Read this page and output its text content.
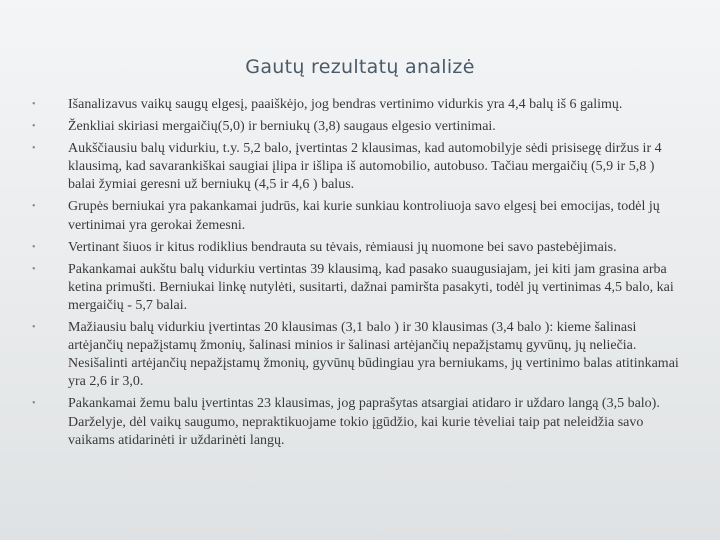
Gautų rezultatų analizė
• Išanalizavus vaikų saugų elgesį, paaiškėjo, jog bendras vertinimo vidurkis yra 4,4 balų iš 6 galimų.
• Ženkliai skiriasi mergaičių(5,0) ir berniukų (3,8) saugaus elgesio vertinimai.
• Aukščiausiu balų vidurkiu, t.y. 5,2 balo, įvertintas 2 klausimas, kad automobilyje sėdi prisisegę diržus ir 4 klausimą, kad savarankiškai saugiai įlipa ir išlipa iš automobilio, autobuso. Tačiau mergaičių (5,9 ir 5,8 ) balai žymiai geresni už berniukų (4,5 ir 4,6 ) balus.
• Grupės berniukai yra pakankamai judrūs, kai kurie sunkiau kontroliuoja savo elgesį bei emocijas, todėl jų vertinimai yra gerokai žemesni.
• Vertinant šiuos ir kitus rodiklius bendrauta su tėvais, rėmiausi jų nuomone bei savo pastebėjimais.
• Pakankamai aukštu balų vidurkiu vertintas 39 klausimą, kad pasako suaugusiajam, jei kiti jam grasina arba ketina primušti. Berniukai linkę nutylėti, susitarti, dažnai pamiršta pasakyti, todėl jų vertinimas 4,5 balo, kai mergaičių - 5,7 balai.
• Mažiausiu balų vidurkiu įvertintas 20 klausimas (3,1 balo ) ir 30 klausimas (3,4 balo ): kieme šalinasi artėjančių nepažįstamų žmonių, šalinasi minios ir šalinasi artėjančių nepažįstamų gyvūnų, jų neliečia. Nesišalinti artėjančių nepažįstamų žmonių, gyvūnų būdingiau yra berniukams, jų vertinimo balas atitinkamai yra 2,6 ir 3,0.
• Pakankamai žemu balu įvertintas 23 klausimas, jog paprašytas atsargiai atidaro ir uždaro langą (3,5 balo). Darželyje, dėl vaikų saugumo, nepraktikuojame tokio įgūdžio, kai kurie tėveliai taip pat neleidžia savo vaikams atidarinėti ir uždarinėti langų.
